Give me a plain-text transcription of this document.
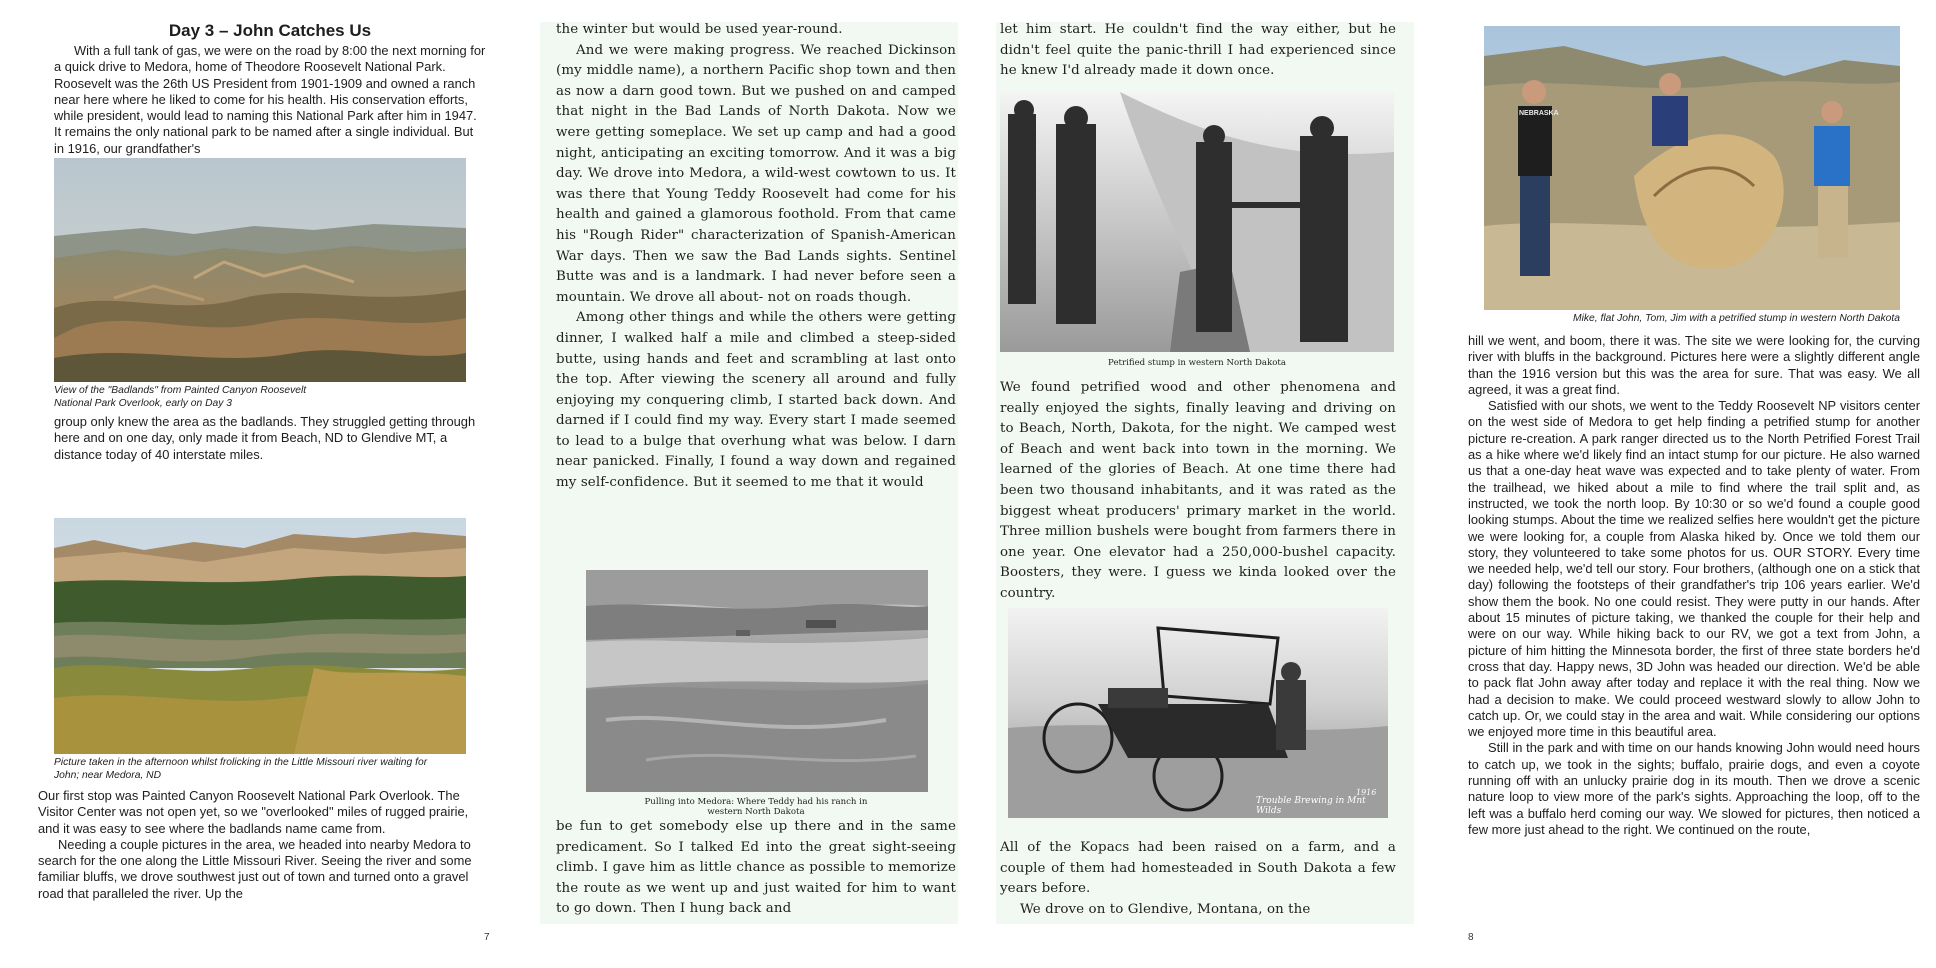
Day 3 – John Catches Us

With a full tank of gas, we were on the road by 8:00 the next morning for a quick drive to Medora, home of Theodore Roosevelt National Park. Roosevelt was the 26th US President from 1901-1909 and owned a ranch near here where he liked to come for his health. His conservation efforts, while president, would lead to naming this National Park after him in 1947. It remains the only national park to be named after a single individual. But in 1916, our grandfather's

View of the "Badlands" from Painted Canyon Roosevelt National Park Overlook, early on Day 3

group only knew the area as the badlands. They struggled getting through here and on one day, only made it from Beach, ND to Glendive MT, a distance today of 40 interstate miles.

Picture taken in the afternoon whilst frolicking in the Little Missouri river waiting for John; near Medora, ND

Our first stop was Painted Canyon Roosevelt National Park Overlook. The Visitor Center was not open yet, so we "overlooked" miles of rugged prairie, and it was easy to see where the badlands name came from.

Needing a couple pictures in the area, we headed into nearby Medora to search for the one along the Little Missouri River. Seeing the river and some familiar bluffs, we drove southwest just out of town and turned onto a gravel road that paralleled the river. Up the

7

the winter but would be used year-round.

And we were making progress. We reached Dickinson (my middle name), a northern Pacific shop town and then as now a darn good town. But we pushed on and camped that night in the Bad Lands of North Dakota. Now we were getting someplace. We set up camp and had a good night, anticipating an exciting tomorrow. And it was a big day. We drove into Medora, a wild-west cowtown to us. It was there that Young Teddy Roosevelt had come for his health and gained a glamorous foothold. From that came his "Rough Rider" characterization of Spanish-American War days. Then we saw the Bad Lands sights. Sentinel Butte was and is a landmark. I had never before seen a mountain. We drove all about- not on roads though.

Among other things and while the others were getting dinner, I walked half a mile and climbed a steep-sided butte, using hands and feet and scrambling at last onto the top. After viewing the scenery all around and fully enjoying my conquering climb, I started back down. And darned if I could find my way. Every start I made seemed to lead to a bulge that overhung what was below. I darn near panicked. Finally, I found a way down and regained my self-confidence. But it seemed to me that it would

Pulling into Medora: Where Teddy had his ranch in western North Dakota

be fun to get somebody else up there and in the same predicament. So I talked Ed into the great sight-seeing climb. I gave him as little chance as possible to memorize the route as we went up and just waited for him to want to go down. Then I hung back and

let him start. He couldn't find the way either, but he didn't feel quite the panic-thrill I had experienced since he knew I'd already made it down once.

Petrified stump in western North Dakota

We found petrified wood and other phenomena and really enjoyed the sights, finally leaving and driving on to Beach, North, Dakota, for the night. We camped west of Beach and went back into town in the morning. We learned of the glories of Beach. At one time there had been two thousand inhabitants, and it was rated as the biggest wheat producers' primary market in the world. Three million bushels were bought from farmers there in one year. One elevator had a 250,000-bushel capacity. Boosters, they were. I guess we kinda looked over the country.

Trouble Brewing in Mnt Wilds
1916

All of the Kopacs had been raised on a farm, and a couple of them had homesteaded in South Dakota a few years before.

We drove on to Glendive, Montana, on the

NEBRASKA
Mike, flat John, Tom, Jim with a petrified stump in western North Dakota

hill we went, and boom, there it was. The site we were looking for, the curving river with bluffs in the background. Pictures here were a slightly different angle than the 1916 version but this was the area for sure. That was easy. We all agreed, it was a great find.

Satisfied with our shots, we went to the Teddy Roosevelt NP visitors center on the west side of Medora to get help finding a petrified stump for another picture re-creation. A park ranger directed us to the North Petrified Forest Trail as a hike where we'd likely find an intact stump for our picture. He also warned us that a one-day heat wave was expected and to take plenty of water. From the trailhead, we hiked about a mile to find where the trail split and, as instructed, we took the north loop. By 10:30 or so we'd found a couple good looking stumps. About the time we realized selfies here wouldn't get the picture we were looking for, a couple from Alaska hiked by. Once we told them our story, they volunteered to take some photos for us. OUR STORY. Every time we needed help, we'd tell our story. Four brothers, (although one on a stick that day) following the footsteps of their grandfather's trip 106 years earlier. We'd show them the book. No one could resist. They were putty in our hands. After about 15 minutes of picture taking, we thanked the couple for their help and were on our way. While hiking back to our RV, we got a text from John, a picture of him hitting the Minnesota border, the first of three state borders he'd cross that day. Happy news, 3D John was headed our direction. We'd be able to pack flat John away after today and replace it with the real thing. Now we had a decision to make. We could proceed westward slowly to allow John to catch up. Or, we could stay in the area and wait. While considering our options we enjoyed more time in this beautiful area.

Still in the park and with time on our hands knowing John would need hours to catch up, we took in the sights; buffalo, prairie dogs, and even a coyote running off with an unlucky prairie dog in its mouth. Then we drove a scenic nature loop to view more of the park's sights. Approaching the loop, off to the left was a buffalo herd coming our way. We slowed for pictures, then noticed a few more just ahead to the right. We continued on the route,

8
